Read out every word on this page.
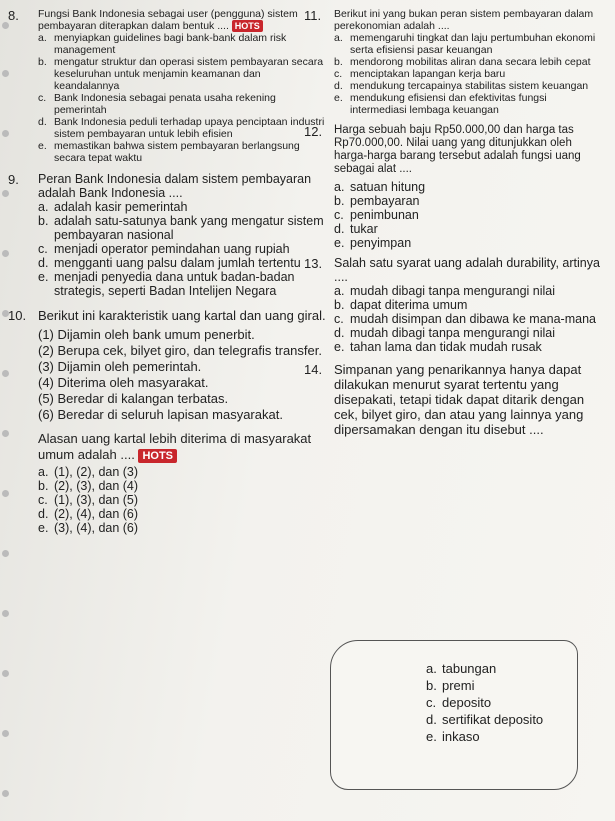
8. Fungsi Bank Indonesia sebagai user (pengguna) sistem pembayaran diterapkan dalam bentuk .... HOTS
a. menyiapkan guidelines bagi bank-bank dalam risk management
b. mengatur struktur dan operasi sistem pembayaran secara keseluruhan untuk menjamin keamanan dan keandalannya
c. Bank Indonesia sebagai penata usaha rekening pemerintah
d. Bank Indonesia peduli terhadap upaya penciptaan industri sistem pembayaran untuk lebih efisien
e. memastikan bahwa sistem pembayaran berlangsung secara tepat waktu
9. Peran Bank Indonesia dalam sistem pembayaran adalah Bank Indonesia ....
a. adalah kasir pemerintah
b. adalah satu-satunya bank yang mengatur sistem pembayaran nasional
c. menjadi operator pemindahan uang rupiah
d. mengganti uang palsu dalam jumlah tertentu
e. menjadi penyedia dana untuk badan-badan strategis, seperti Badan Intelijen Negara
10. Berikut ini karakteristik uang kartal dan uang giral.
(1) Dijamin oleh bank umum penerbit.
(2) Berupa cek, bilyet giro, dan telegrafis transfer.
(3) Dijamin oleh pemerintah.
(4) Diterima oleh masyarakat.
(5) Beredar di kalangan terbatas.
(6) Beredar di seluruh lapisan masyarakat.
Alasan uang kartal lebih diterima di masyarakat umum adalah .... HOTS
a. (1), (2), dan (3)
b. (2), (3), dan (4)
c. (1), (3), dan (5)
d. (2), (4), dan (6)
e. (3), (4), dan (6)
11. Berikut ini yang bukan peran sistem pembayaran dalam perekonomian adalah ....
a. memengaruhi tingkat dan laju pertumbuhan ekonomi serta efisiensi pasar keuangan
b. mendorong mobilitas aliran dana secara lebih cepat
c. menciptakan lapangan kerja baru
d. mendukung tercapainya stabilitas sistem keuangan
e. mendukung efisiensi dan efektivitas fungsi intermediasi lembaga keuangan
12. Harga sebuah baju Rp50.000,00 dan harga tas Rp70.000,00. Nilai uang yang ditunjukkan oleh harga-harga barang tersebut adalah fungsi uang sebagai alat ....
a. satuan hitung
b. pembayaran
c. penimbunan
d. tukar
e. penyimpan
13. Salah satu syarat uang adalah durability, artinya ....
a. mudah dibagi tanpa mengurangi nilai
b. dapat diterima umum
c. mudah disimpan dan dibawa ke mana-mana
d. mudah dibagi tanpa mengurangi nilai
e. tahan lama dan tidak mudah rusak
14. Simpanan yang penarikannya hanya dapat dilakukan menurut syarat tertentu yang disepakati, tetapi tidak dapat ditarik dengan cek, bilyet giro, dan atau yang lainnya yang dipersamakan dengan itu disebut ....
a. tabungan
b. premi
c. deposito
d. sertifikat deposito
e. inkaso
